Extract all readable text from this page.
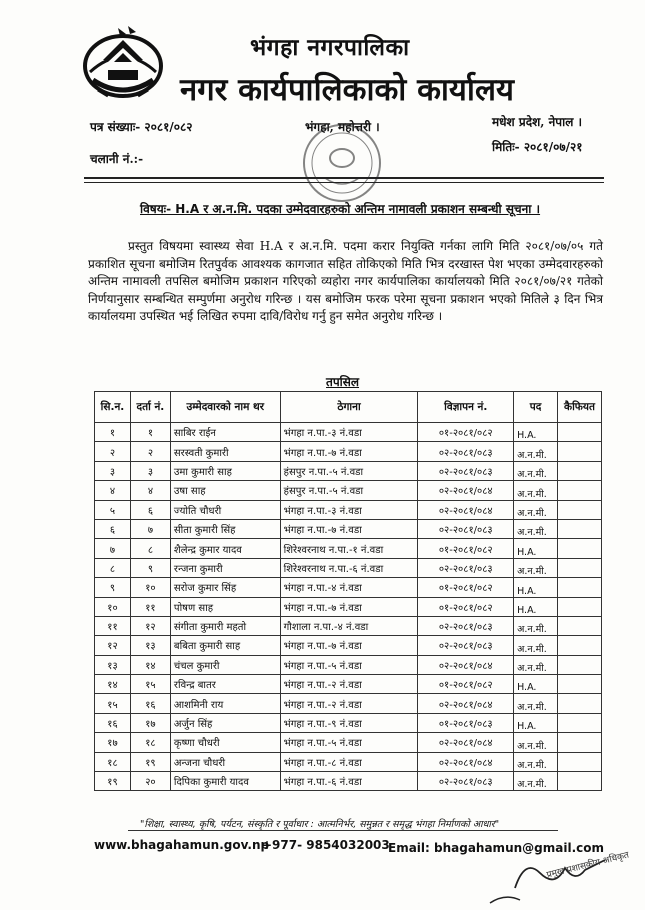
भंगहा नगरपालिका
नगर कार्यपालिकाको कार्यालय
पत्र संख्याः- २०८१/०८२
चलानी नं.:-
भंगहा, महोत्तरी ।	मधेश प्रदेश, नेपाल ।
मितिः- २०८१/०७/२१
विषयः- H.A र अ.न.मि. पदका उम्मेदवारहरुको अन्तिम नामावली प्रकाशन सम्बन्धी सूचना ।
प्रस्तुत विषयमा स्वास्थ्य सेवा H.A र अ.न.मि. पदमा करार नियुक्ति गर्नका लागि मिति २०८१/०७/०५ गते प्रकाशित सूचना बमोजिम रितपुर्वक आवश्यक कागजात सहित तोकिएको मिति भित्र दरखास्त पेश भएका उम्मेदवारहरुको अन्तिम नामावली तपसिल बमोजिम प्रकाशन गरिएको व्यहोरा नगर कार्यपालिका कार्यालयको मिति २०८१/०७/२१ गतेको निर्णयानुसार सम्बन्धित सम्पुर्णमा अनुरोध गरिन्छ । यस बमोजिम फरक परेमा सूचना प्रकाशन भएको मितिले ३ दिन भित्र कार्यालयमा उपस्थित भई लिखित रुपमा दावि/विरोध गर्नु हुन समेत अनुरोध गरिन्छ ।
तपसिल
सि.न.	दर्ता नं.	उम्मेदवारको नाम थर	ठेगाना	विज्ञापन नं.	पद	कैफियत
१	१	साबिर राईन	भंगहा न.पा.-३ नं.वडा	०१-२०८१/०८२	H.A.	
२	२	सरस्वती कुमारी	भंगहा न.पा.-७ नं.वडा	०२-२०८१/०८३	अ.न.मी.	
३	३	उमा कुमारी साह	हंसपुर न.पा.-५ नं.वडा	०२-२०८१/०८३	अ.न.मी.	
४	४	उषा साह	हंसपुर न.पा.-५ नं.वडा	०२-२०८१/०८४	अ.न.मी.	
५	६	ज्योति चौधरी	भंगहा न.पा.-३ नं.वडा	०२-२०८१/०८४	अ.न.मी.	
६	७	सीता कुमारी सिंह	भंगहा न.पा.-७ नं.वडा	०२-२०८१/०८३	अ.न.मी.	
७	८	शैलेन्द्र कुमार यादव	शिरेश्वरनाथ न.पा.-१ नं.वडा	०१-२०८१/०८२	H.A.	
८	९	रन्जना कुमारी	शिरेश्वरनाथ न.पा.-६ नं.वडा	०२-२०८१/०८३	अ.न.मी.	
९	१०	सरोज कुमार सिंह	भंगहा न.पा.-४ नं.वडा	०१-२०८१/०८२	H.A.	
१०	११	पोषण साह	भंगहा न.पा.-७ नं.वडा	०१-२०८१/०८२	H.A.	
११	१२	संगीता कुमारी महतो	गौशाला न.पा.-४ नं.वडा	०२-२०८१/०८३	अ.न.मी.	
१२	१३	बबिता कुमारी साह	भंगहा न.पा.-७ नं.वडा	०२-२०८१/०८३	अ.न.मी.	
१३	१४	चंचल कुमारी	भंगहा न.पा.-५ नं.वडा	०२-२०८१/०८४	अ.न.मी.	
१४	१५	रविन्द्र बातर	भंगहा न.पा.-२ नं.वडा	०१-२०८१/०८२	H.A.	
१५	१६	आशमिनी राय	भंगहा न.पा.-२ नं.वडा	०२-२०८१/०८४	अ.न.मी.	
१६	१७	अर्जुन सिंह	भंगहा न.पा.-९ नं.वडा	०१-२०८१/०८३	H.A.	
१७	१८	कृष्णा चौधरी	भंगहा न.पा.-५ नं.वडा	०२-२०८१/०८४	अ.न.मी.	
१८	१९	अन्जना चौधरी	भंगहा न.पा.-८ नं.वडा	०२-२०८१/०८४	अ.न.मी.	
१९	२०	दिपिका कुमारी यादव	भंगहा न.पा.-६ नं.वडा	०२-२०८१/०८३	अ.न.मी.	
"शिक्षा, स्वास्थ्य, कृषि, पर्यटन, संस्कृति र पूर्वाधार : आत्मनिर्भर, समुन्नत र समृद्ध भंगहा निर्माणको आधार"
www.bhagahamun.gov.np
+977- 9854032003
Email: bhagahamun@gmail.com
प्रमुख प्रशासकीय अधिकृत
